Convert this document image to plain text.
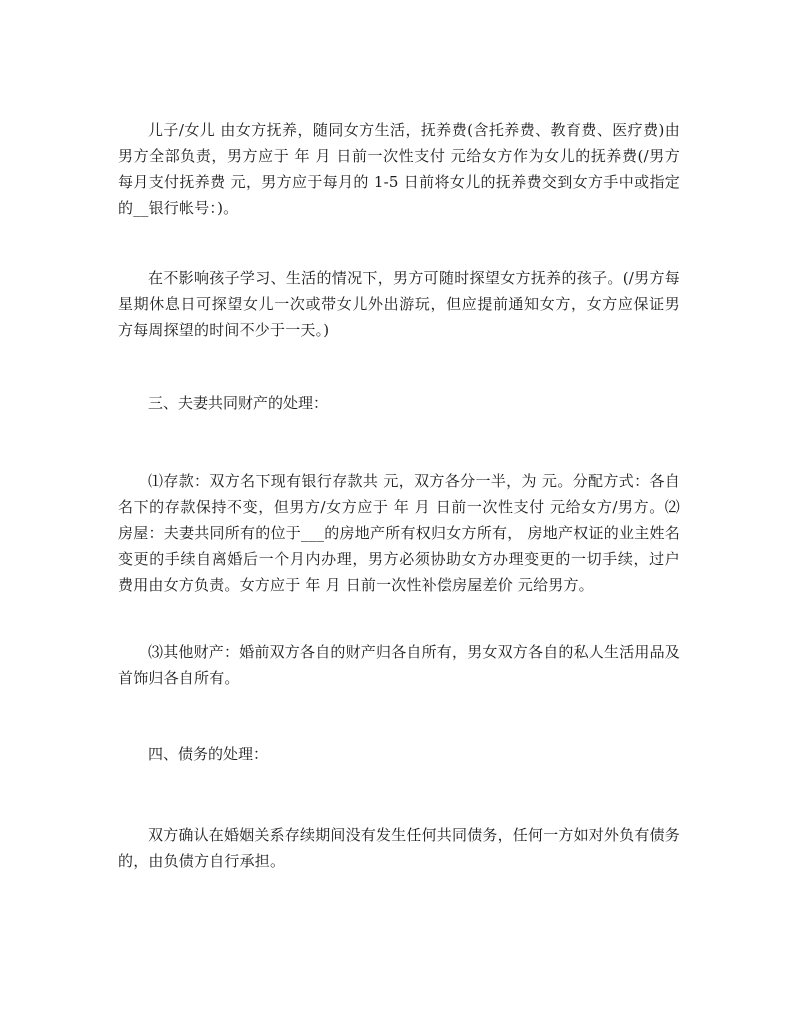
儿子/女儿 由女方抚养，随同女方生活，抚养费(含托养费、教育费、医疗费)由男方全部负责，男方应于 年 月 日前一次性支付 元给女方作为女儿的抚养费(/男方每月支付抚养费 元，男方应于每月的 1-5 日前将女儿的抚养费交到女方手中或指定的__银行帐号：)。

在不影响孩子学习、生活的情况下，男方可随时探望女方抚养的孩子。(/男方每星期休息日可探望女儿一次或带女儿外出游玩，但应提前通知女方，女方应保证男方每周探望的时间不少于一天。)

三、夫妻共同财产的处理：

⑴存款：双方名下现有银行存款共 元，双方各分一半，为 元。分配方式：各自名下的存款保持不变，但男方/女方应于 年 月 日前一次性支付 元给女方/男方。⑵房屋：夫妻共同所有的位于___的房地产所有权归女方所有， 房地产权证的业主姓名变更的手续自离婚后一个月内办理，男方必须协助女方办理变更的一切手续，过户费用由女方负责。女方应于 年 月 日前一次性补偿房屋差价 元给男方。

⑶其他财产：婚前双方各自的财产归各自所有，男女双方各自的私人生活用品及首饰归各自所有。

四、债务的处理：

双方确认在婚姻关系存续期间没有发生任何共同债务，任何一方如对外负有债务的，由负债方自行承担。
